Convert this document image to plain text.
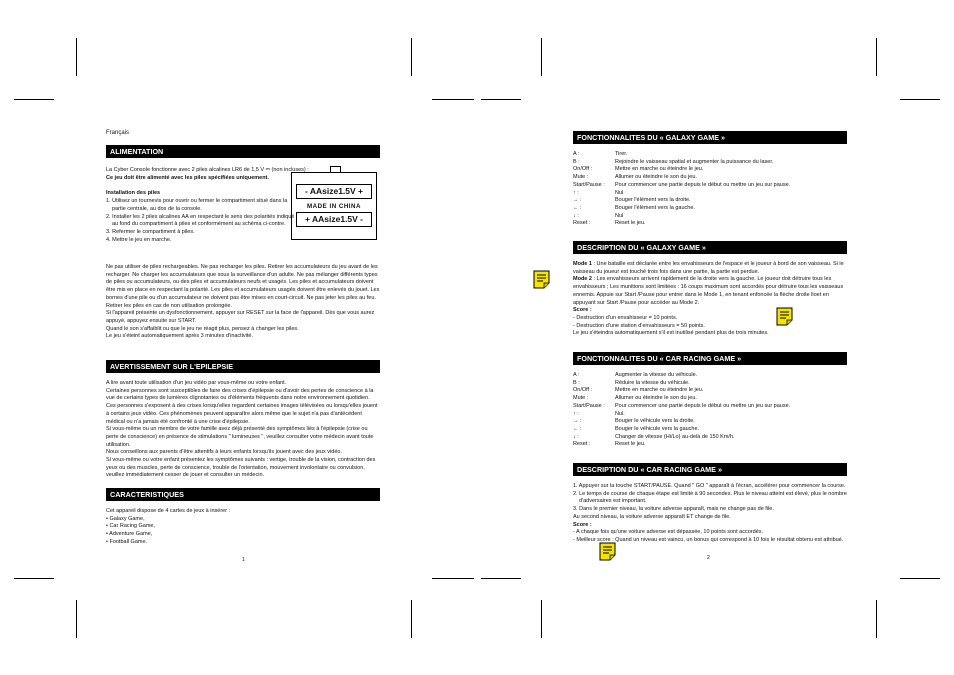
Français
ALIMENTATION

La Cyber Console fonctionne avec 2 piles alcalines LR6 de 1,5 V ⎓ (non incluses) :

Ce jeu doit être alimenté avec les piles spécifiées uniquement.

Installation des piles

1. Utilisez un tournevis pour ouvrir ou fermer le compartiment situé dans la

partie centrale, au dos de la console.

2. Installer les 2 piles alcalines AA en respectant le sens des polarités indiqué

au fond du compartiment à piles et conformément au schéma ci-contre.

3. Refermer le compartiment à piles.

4. Mettre le jeu en marche.

- AAsize1.5V +
MADE IN CHINA
+ AAsize1.5V -

Ne pas utiliser de piles rechargeables. Ne pas recharger les piles. Retirer les accumulateurs du jeu avant de les recharger. Ne charger les accumulateurs que sous la surveillance d'un adulte. Ne pas mélanger différents types de piles ou accumulateurs, ou des piles et accumulateurs neufs et usagés. Les piles et accumulateurs doivent être mis en place en respectant la polarité. Les piles et accumulateurs usagés doivent être enlevés du jouet. Les bornes d'une pile ou d'un accumulateur ne doivent pas être mises en court-circuit. Ne pas jeter les piles au feu. Retirer les piles en cas de non utilisation prolongée.

Si l'appareil présente un dysfonctionnement, appuyer sur RESET sur la face de l'appareil. Dès que vous aurez appuyé, appuyez ensuite sur START.

Quand le son s'affaiblit ou que le jeu ne réagit plus, pensez à changer les piles.

Le jeu s'éteint automatiquement après 3 minutes d'inactivité.

AVERTISSEMENT SUR L'EPILEPSIE

A lire avant toute utilisation d'un jeu vidéo par vous-même ou votre enfant.

Certaines personnes sont susceptibles de faire des crises d'épilepsie ou d'avoir des pertes de conscience à la vue de certains types de lumières clignotantes ou d'éléments fréquents dans notre environnement quotidien. Ces personnes s'exposent à des crises lorsqu'elles regardent certaines images télévisées ou lorsqu'elles jouent à certains jeux vidéo. Ces phénomènes peuvent apparaître alors même que le sujet n'a pas d'antécédent médical ou n'a jamais été confronté à une crise d'épilepsie.

Si vous-même ou un membre de votre famille avez déjà présenté des symptômes liés à l'épilepsie (crise ou perte de conscience) en présence de stimulations " lumineuses ", veuillez consulter votre médecin avant toute utilisation.

Nous conseillons aux parents d'être attentifs à leurs enfants lorsqu'ils jouent avec des jeux vidéo.

Si vous-même ou votre enfant présentez les symptômes suivants : vertige, trouble de la vision, contraction des yeux ou des muscles, perte de conscience, trouble de l'orientation, mouvement involontaire ou convulsion, veuillez immédiatement cesser de jouer et consulter un médecin.

CARACTERISTIQUES

Cet appareil dispose de 4 cartes de jeux à insérer :

• Galaxy Game,

• Car Racing Game,

• Adventure Game,

• Football Game.

1
FONCTIONNALITES DU « GALAXY GAME »
A :	Tirer.
B :	Rejoindre le vaisseau spatial et augmenter la puissance du laser.
On/Off :	Mettre en marche ou éteindre le jeu.
Mute :	Allumer ou éteindre le son du jeu.
Start/Pause :	Pour commencer une partie depuis le début ou mettre un jeu sur pause.
↑ :	Nul
→ :	Bouger l'élément vers la droite.
← :	Bouger l'élément vers la gauche.
↓ :	Nul
Reset :	Reset le jeu.
DESCRIPTION DU « GALAXY GAME »

Mode 1 : Une bataille est déclarée entre les envahisseurs de l'espace et le joueur à bord de son vaisseau. Si le vaisseau du joueur est touché trois fois dans une partie, la partie est perdue.

Mode 2 : Les envahisseurs arrivent rapidement de la droite vers la gauche. Le joueur doit détruire tous les envahisseurs ; Les munitions sont limitées : 16 coups maximum sont accordés pour détruire tous les vaisseaux ennemis. Appuie sur Start /Pause pour entrer dans le Mode 1, en tenant enfoncée la flèche droite lloet en appuyant sur Start /Pause pour accéder au Mode 2.

Score :

- Destruction d'un envahisseur = 10 points.

- Destruction d'une station d'envahisseurs = 50 points.

Le jeu s'éteindra automatiquement s'il est inutilisé pendant plus de trois minutes.

FONCTIONNALITES DU « CAR RACING GAME »
A :	Augmenter la vitesse du véhicule.
B :	Réduire la vitesse du véhicule.
On/Off :	Mettre en marche ou éteindre le jeu.
Mute :	Allumer ou éteindre le son du jeu.
Start/Pause :	Pour commencer une partie depuis le début ou mettre un jeu sur pause.
↑ :	Nul.
→ :	Bouger le véhicule vers la droite.
← :	Bouger le véhicule vers la gauche.
↓ :	Changer de vitesse (Hi/Lo) au-delà de 150 Km/h.
Reset :	Reset le jeu.
DESCRIPTION DU « CAR RACING GAME »

1. Appuyer sur la touche START/PAUSE. Quand " GO " apparaît à l'écran, accélérer pour commencer la course.

2. Le temps de course de chaque étape est limité à 90 secondes. Plus le niveau atteint est élevé, plus le nombre

d'adversaires est important.

3. Dans le premier niveau, la voiture adverse apparaît, mais ne change pas de file.

Au second niveau, la voiture adverse apparaît ET change de file.

Score :

- A chaque fois qu'une voiture adverse est dépassée, 10 points sont accordés.

- Meilleur score : Quand un niveau est vaincu, un bonus qui correspond à 10 fois le résultat obtenu est attribué.

2
